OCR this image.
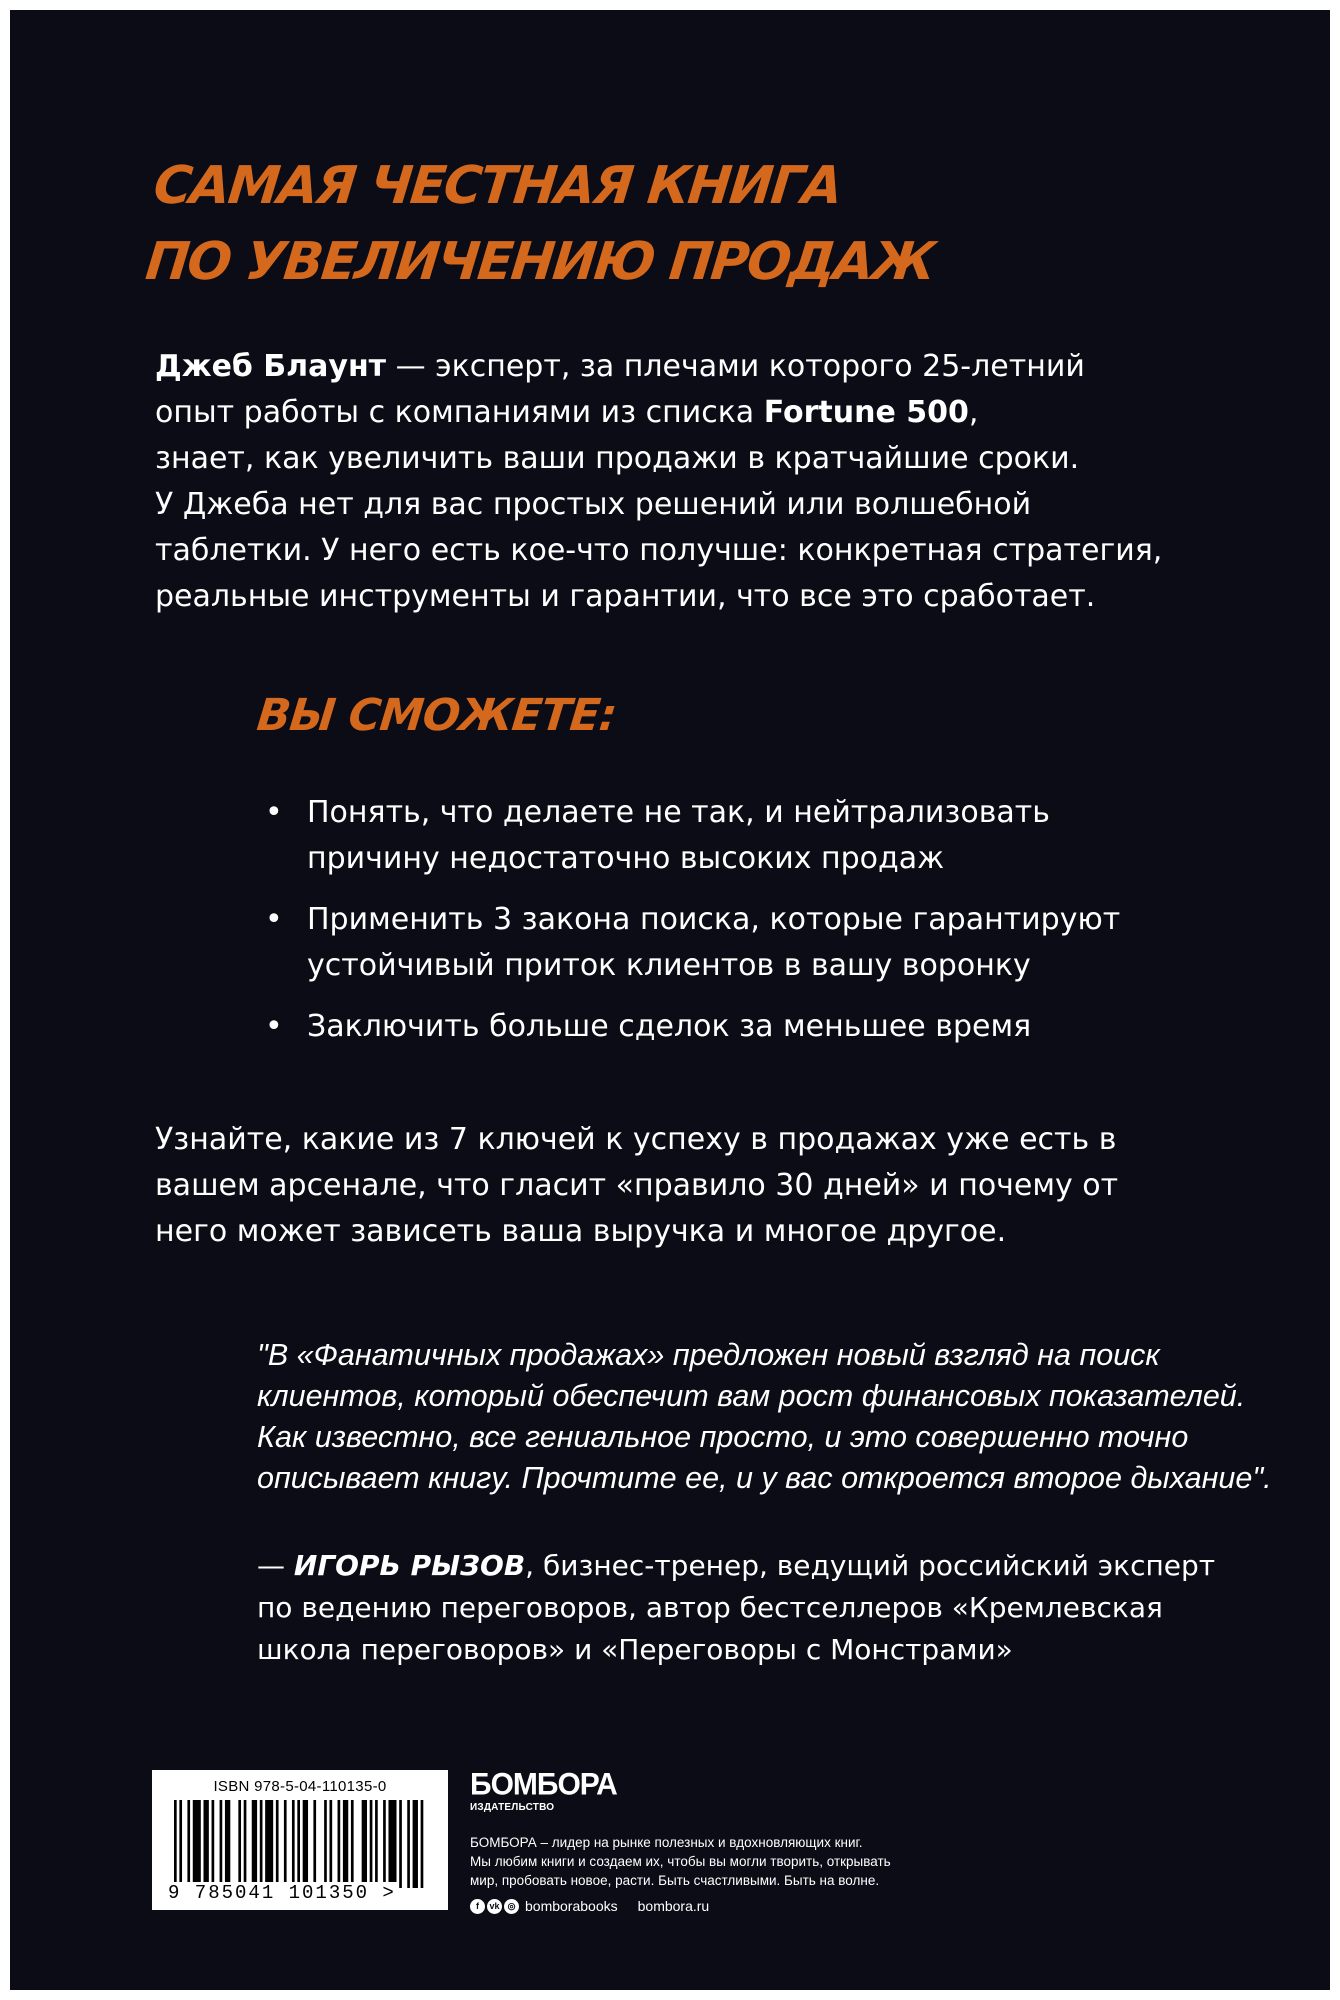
САМАЯ ЧЕСТНАЯ КНИГА
ПО УВЕЛИЧЕНИЮ ПРОДАЖ

Джеб Блаунт — эксперт, за плечами которого 25-летний
опыт работы с компаниями из списка Fortune 500,
знает, как увеличить ваши продажи в кратчайшие сроки.
У Джеба нет для вас простых решений или волшебной
таблетки. У него есть кое-что получше: конкретная стратегия,
реальные инструменты и гарантии, что все это сработает.

ВЫ СМОЖЕТЕ:
• Понять, что делаете не так, и нейтрализовать
причину недостаточно высоких продаж
• Применить 3 закона поиска, которые гарантируют
устойчивый приток клиентов в вашу воронку
• Заключить больше сделок за меньшее время

Узнайте, какие из 7 ключей к успеху в продажах уже есть в
вашем арсенале, что гласит «правило 30 дней» и почему от
него может зависеть ваша выручка и многое другое.

"В «Фанатичных продажах» предложен новый взгляд на поиск
клиентов, который обеспечит вам рост финансовых показателей.
Как известно, все гениальное просто, и это совершенно точно
описывает книгу. Прочтите ее, и у вас откроется второе дыхание".

— ИГОРЬ РЫЗОВ, бизнес-тренер, ведущий российский эксперт
по ведению переговоров, автор бестселлеров «Кремлевская
школа переговоров» и «Переговоры с Монстрами»

ISBN 978-5-04-110135-0
9 785041 101350 >
БОМБОРА
ИЗДАТЕЛЬСТВО
БОМБОРА – лидер на рынке полезных и вдохновляющих книг.
Мы любим книги и создаем их, чтобы вы могли творить, открывать
мир, пробовать новое, расти. Быть счастливыми. Быть на волне.
f	vk ◎ bomborabooks bombora.ru
